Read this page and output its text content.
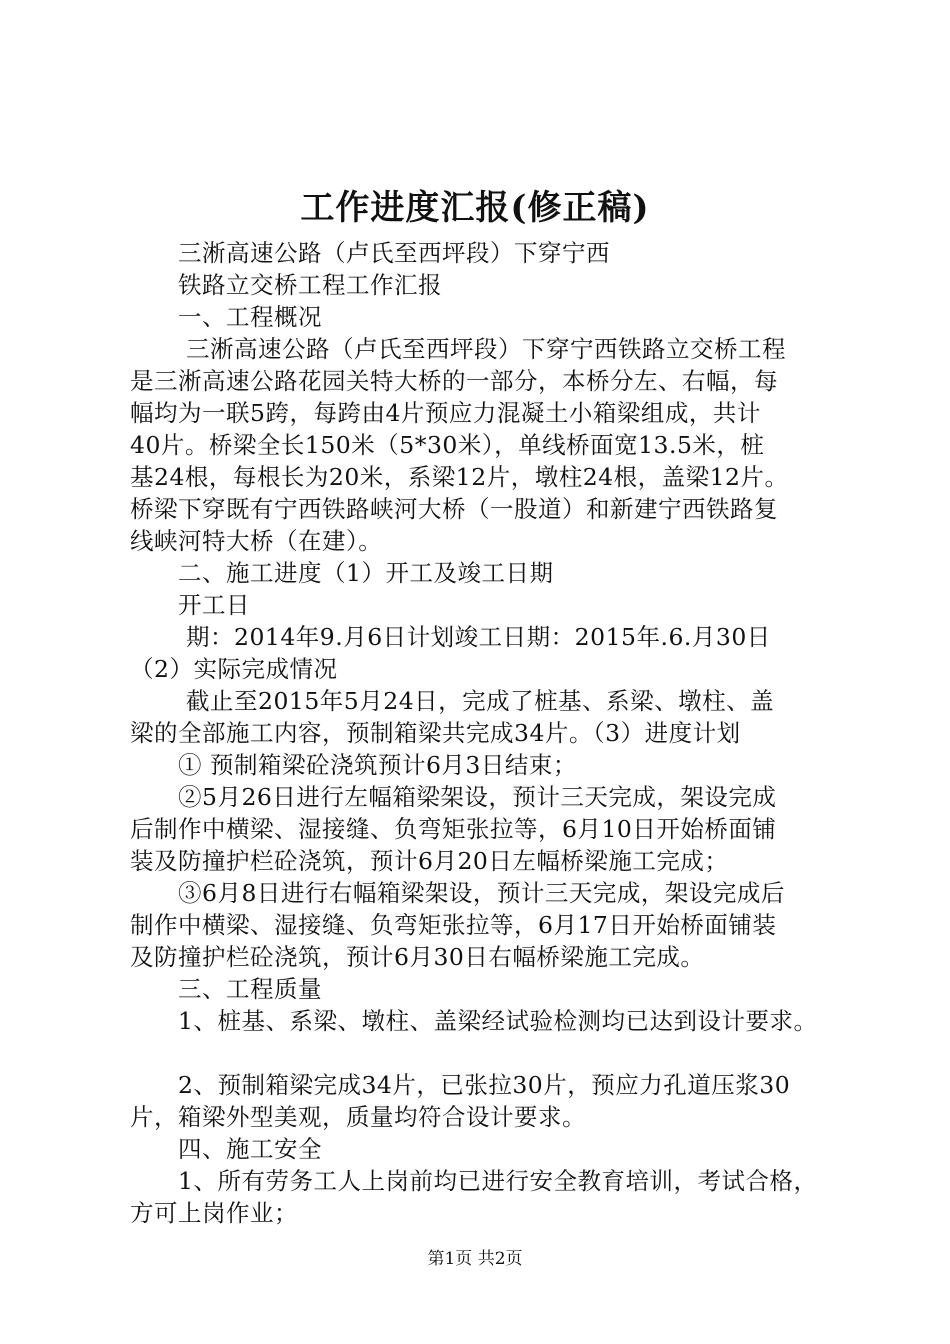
工作进度汇报(修正稿)

三淅高速公路（卢氏至西坪段）下穿宁西

铁路立交桥工程工作汇报

一、工程概况

三淅高速公路（卢氏至西坪段）下穿宁西铁路立交桥工程

是三淅高速公路花园关特大桥的一部分，本桥分左、右幅，每

幅均为一联5跨，每跨由4片预应力混凝土小箱梁组成，共计

40片。桥梁全长150米（5*30米），单线桥面宽13.5米，桩

基24根，每根长为20米，系梁12片，墩柱24根，盖梁12片。

桥梁下穿既有宁西铁路峡河大桥（一股道）和新建宁西铁路复

线峡河特大桥（在建）。

二、施工进度（1）开工及竣工日期

开工日

期：2014年9.月6日计划竣工日期：2015年.6.月30日

（2）实际完成情况

截止至2015年5月24日，完成了桩基、系梁、墩柱、盖

梁的全部施工内容，预制箱梁共完成34片。（3）进度计划

① 预制箱梁砼浇筑预计6月3日结束；

②5月26日进行左幅箱梁架设，预计三天完成，架设完成

后制作中横梁、湿接缝、负弯矩张拉等，6月10日开始桥面铺

装及防撞护栏砼浇筑，预计6月20日左幅桥梁施工完成；

③6月8日进行右幅箱梁架设，预计三天完成，架设完成后

制作中横梁、湿接缝、负弯矩张拉等，6月17日开始桥面铺装

及防撞护栏砼浇筑，预计6月30日右幅桥梁施工完成。

三、工程质量

1、桩基、系梁、墩柱、盖梁经试验检测均已达到设计要求。

2、预制箱梁完成34片，已张拉30片，预应力孔道压浆30

片，箱梁外型美观，质量均符合设计要求。

四、施工安全

1、所有劳务工人上岗前均已进行安全教育培训，考试合格，

方可上岗作业；

第1页 共2页
